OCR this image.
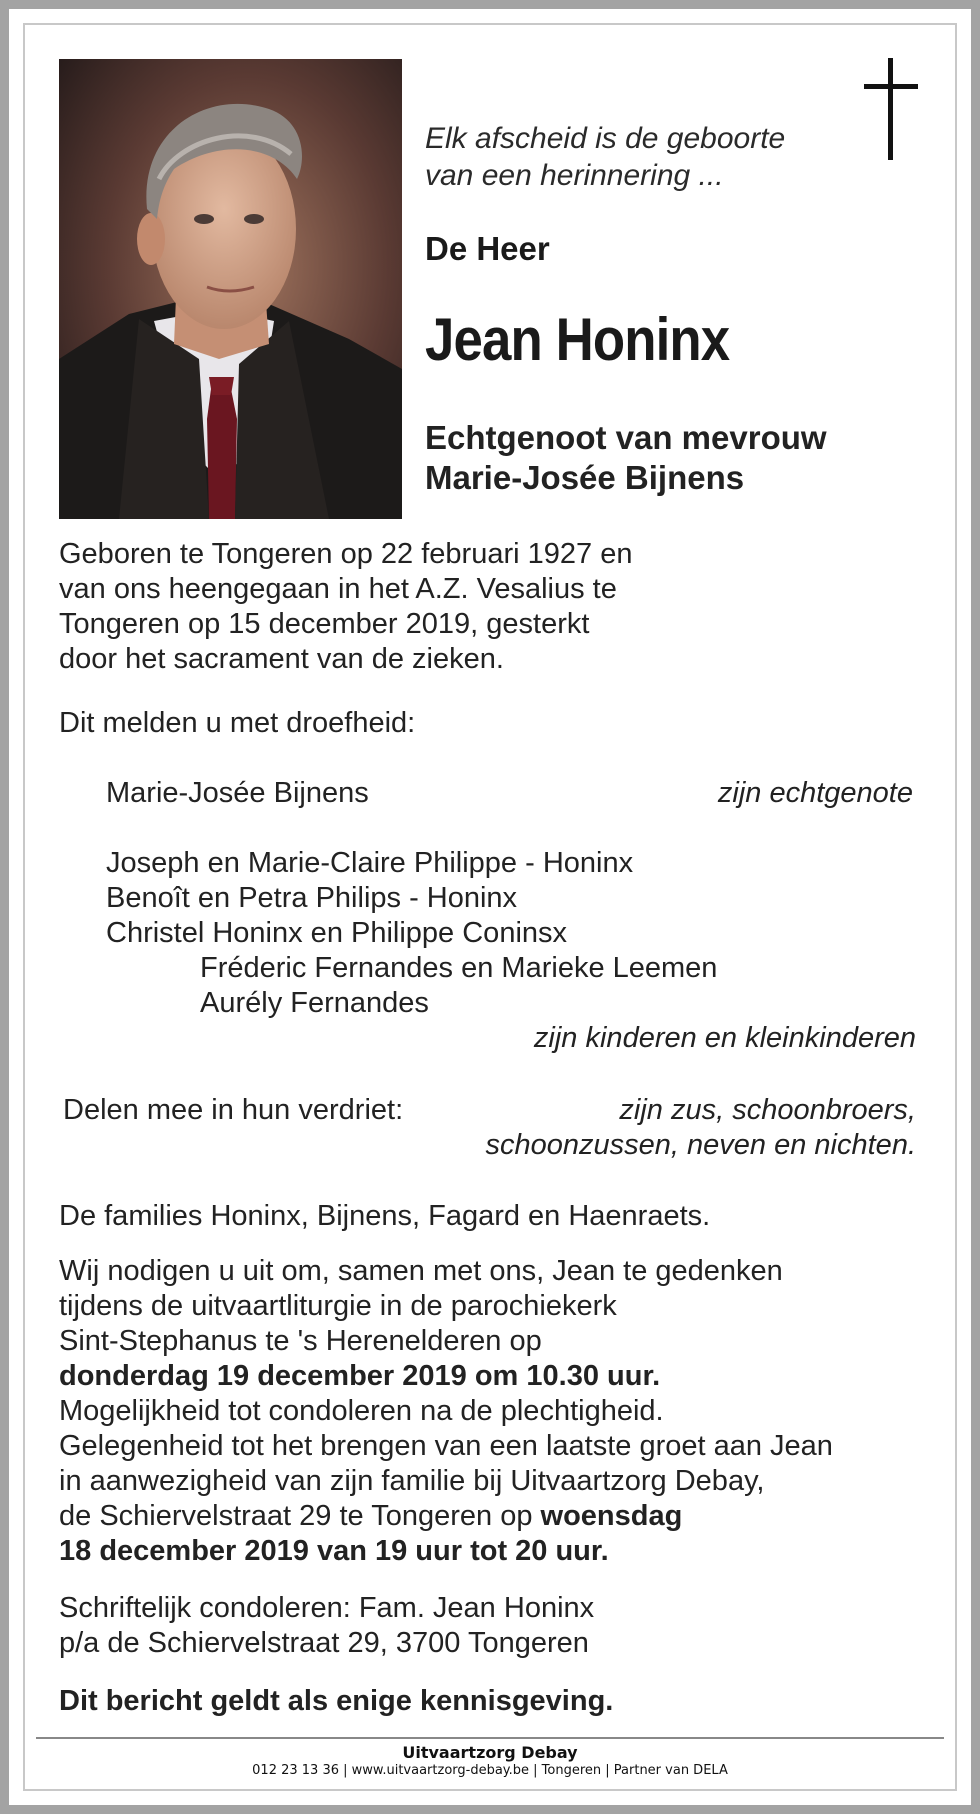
Elk afscheid is de geboorte
van een herinnering ...
De Heer
Jean Honinx
Echtgenoot van mevrouw
Marie-Josée Bijnens
Geboren te Tongeren op 22 februari 1927 en
van ons heengegaan in het A.Z. Vesalius te
Tongeren op 15 december 2019, gesterkt
door het sacrament van de zieken.
Dit melden u met droefheid:
Marie-Josée Bijnens	zijn echtgenote
Joseph en Marie-Claire Philippe - Honinx
Benoît en Petra Philips - Honinx
Christel Honinx en Philippe Coninsx
Fréderic Fernandes en Marieke Leemen
Aurély Fernandes
zijn kinderen en kleinkinderen
Delen mee in hun verdriet:	zijn zus, schoonbroers,
schoonzussen, neven en nichten.
De families Honinx, Bijnens, Fagard en Haenraets.
Wij nodigen u uit om, samen met ons, Jean te gedenken
tijdens de uitvaartliturgie in de parochiekerk
Sint-Stephanus te 's Herenelderen op
donderdag 19 december 2019 om 10.30 uur.
Mogelijkheid tot condoleren na de plechtigheid.
Gelegenheid tot het brengen van een laatste groet aan Jean
in aanwezigheid van zijn familie bij Uitvaartzorg Debay,
de Schiervelstraat 29 te Tongeren op woensdag
18 december 2019 van 19 uur tot 20 uur.
Schriftelijk condoleren: Fam. Jean Honinx
p/a de Schiervelstraat 29, 3700 Tongeren
Dit bericht geldt als enige kennisgeving.
Uitvaartzorg Debay
012 23 13 36 | www.uitvaartzorg-debay.be | Tongeren | Partner van DELA
